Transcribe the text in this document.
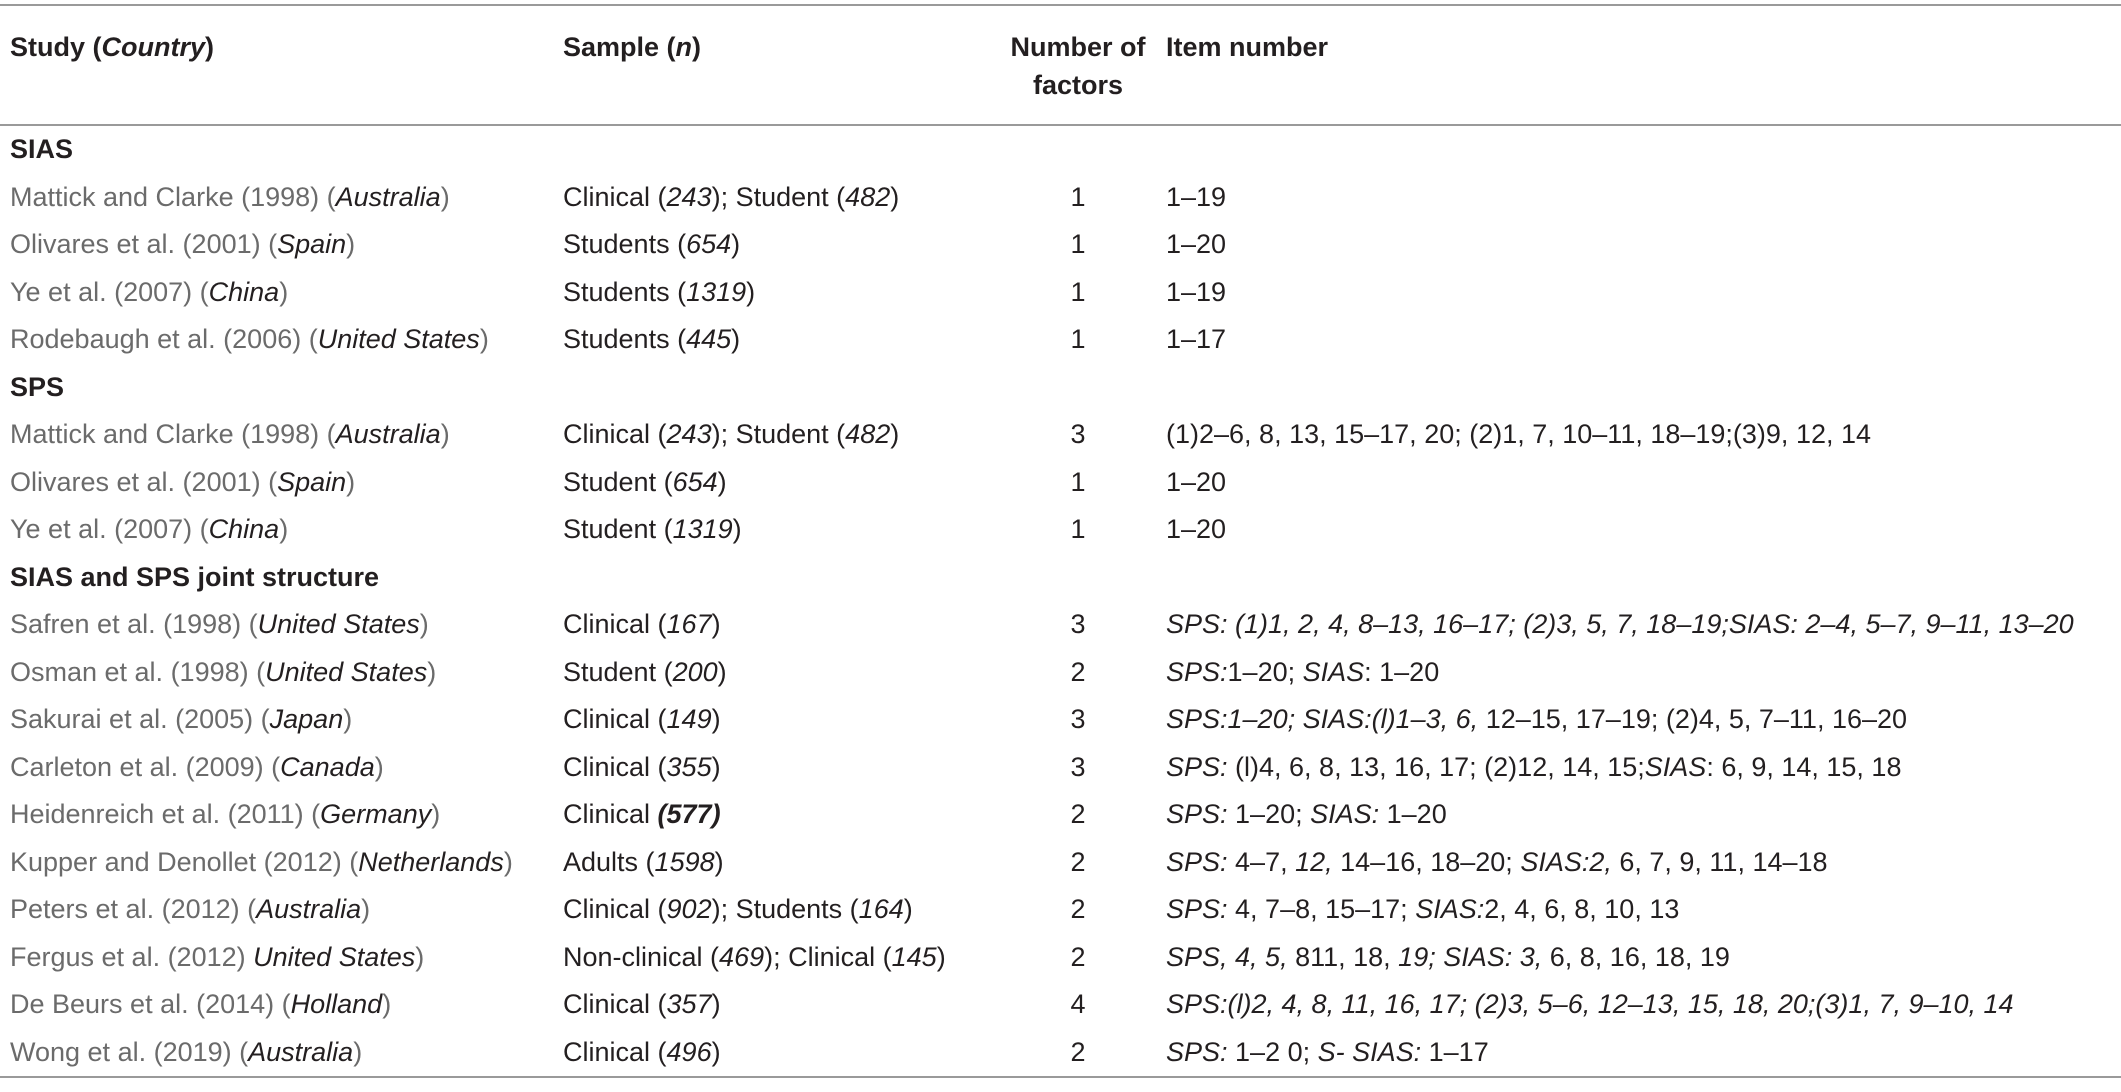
Study (Country)	Sample (n)	Number of factors	Item number
SIAS			
Mattick and Clarke (1998) (Australia)	Clinical (243); Student (482)	1	1–19
Olivares et al. (2001) (Spain)	Students (654)	1	1–20
Ye et al. (2007) (China)	Students (1319)	1	1–19
Rodebaugh et al. (2006) (United States)	Students (445)	1	1–17
SPS			
Mattick and Clarke (1998) (Australia)	Clinical (243); Student (482)	3	(1)2–6, 8, 13, 15–17, 20; (2)1, 7, 10–11, 18–19;(3)9, 12, 14
Olivares et al. (2001) (Spain)	Student (654)	1	1–20
Ye et al. (2007) (China)	Student (1319)	1	1–20
SIAS and SPS joint structure			
Safren et al. (1998) (United States)	Clinical (167)	3	SPS: (1)1, 2, 4, 8–13, 16–17; (2)3, 5, 7, 18–19;SIAS: 2–4, 5–7, 9–11, 13–20
Osman et al. (1998) (United States)	Student (200)	2	SPS:1–20; SIAS: 1–20
Sakurai et al. (2005) (Japan)	Clinical (149)	3	SPS:1–20; SIAS:(l)1–3, 6, 12–15, 17–19; (2)4, 5, 7–11, 16–20
Carleton et al. (2009) (Canada)	Clinical (355)	3	SPS: (l)4, 6, 8, 13, 16, 17; (2)12, 14, 15;SIAS: 6, 9, 14, 15, 18
Heidenreich et al. (2011) (Germany)	Clinical (577)	2	SPS: 1–20; SIAS: 1–20
Kupper and Denollet (2012) (Netherlands)	Adults (1598)	2	SPS: 4–7, 12, 14–16, 18–20; SIAS:2, 6, 7, 9, 11, 14–18
Peters et al. (2012) (Australia)	Clinical (902); Students (164)	2	SPS: 4, 7–8, 15–17; SIAS:2, 4, 6, 8, 10, 13
Fergus et al. (2012) United States)	Non-clinical (469); Clinical (145)	2	SPS, 4, 5, 811, 18, 19; SIAS: 3, 6, 8, 16, 18, 19
De Beurs et al. (2014) (Holland)	Clinical (357)	4	SPS:(l)2, 4, 8, 11, 16, 17; (2)3, 5–6, 12–13, 15, 18, 20;(3)1, 7, 9–10, 14
Wong et al. (2019) (Australia)	Clinical (496)	2	SPS: 1–2 0; S- SIAS: 1–17
